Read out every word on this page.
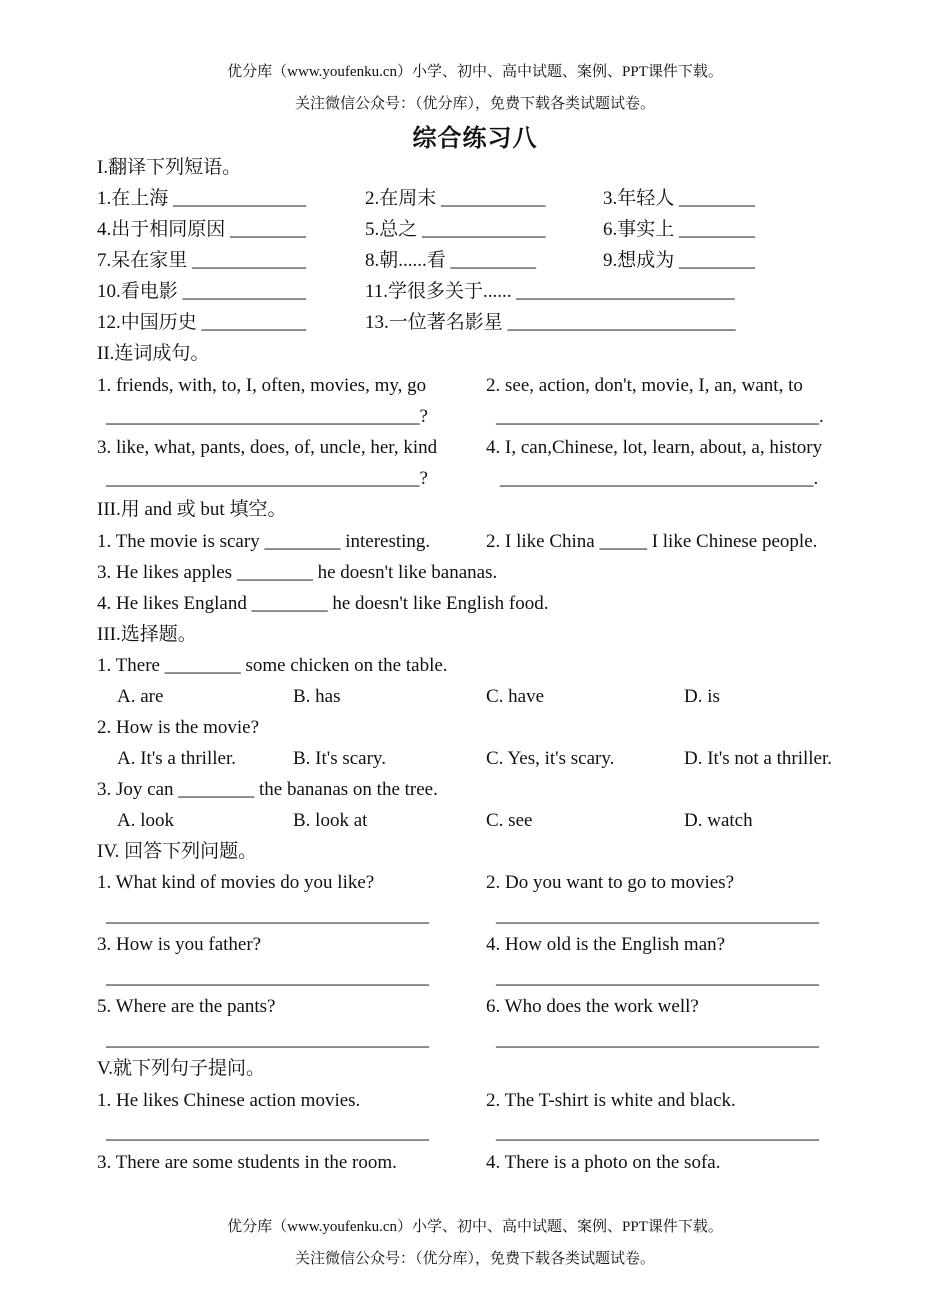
优分库（www.youfenku.cn）小学、初中、高中试题、案例、PPT课件下载。
关注微信公众号：（优分库），免费下载各类试题试卷。
综合练习八
I.翻译下列短语。
1.在上海 ______________	2.在周末 ___________	3.年轻人 ________
4.出于相同原因 ________	5.总之 _____________	6.事实上 ________
7.呆在家里 ____________	8.朝......看 _________	9.想成为 ________
10.看电影 _____________	11.学很多关于...... _______________________
12.中国历史 ___________	13.一位著名影星 ________________________
II.连词成句。
1. friends, with, to, I, often, movies, my, go	2. see, action, don't, movie, I, an, want, to
_________________________________?	__________________________________.
3. like, what, pants, does, of, uncle, her, kind	4. I, can,Chinese, lot, learn, about, a, history
_________________________________?	_________________________________.
III.用 and 或 but 填空。
1. The movie is scary ________ interesting.	2. I like China _____ I like Chinese people.
3. He likes apples ________ he doesn't like bananas.
4. He likes England ________ he doesn't like English food.
III.选择题。
1. There ________ some chicken on the table.
A. are	B. has	C. have	D. is
2. How is the movie?
A. It's a thriller.	B. It's scary.	C. Yes, it's scary.	D. It's not a thriller.
3. Joy can ________ the bananas on the tree.
A. look	B. look at	C. see	D. watch
IV. 回答下列问题。
1. What kind of movies do you like?	2. Do you want to go to movies?
__________________________________	__________________________________
3. How is you father?	4. How old is the English man?
__________________________________	__________________________________
5. Where are the pants?	6. Who does the work well?
__________________________________	__________________________________
V.就下列句子提问。
1. He likes Chinese action movies.	2. The T-shirt is white and black.
__________________________________	__________________________________
3. There are some students in the room.	4. There is a photo on the sofa.
优分库（www.youfenku.cn）小学、初中、高中试题、案例、PPT课件下载。
关注微信公众号：（优分库），免费下载各类试题试卷。
